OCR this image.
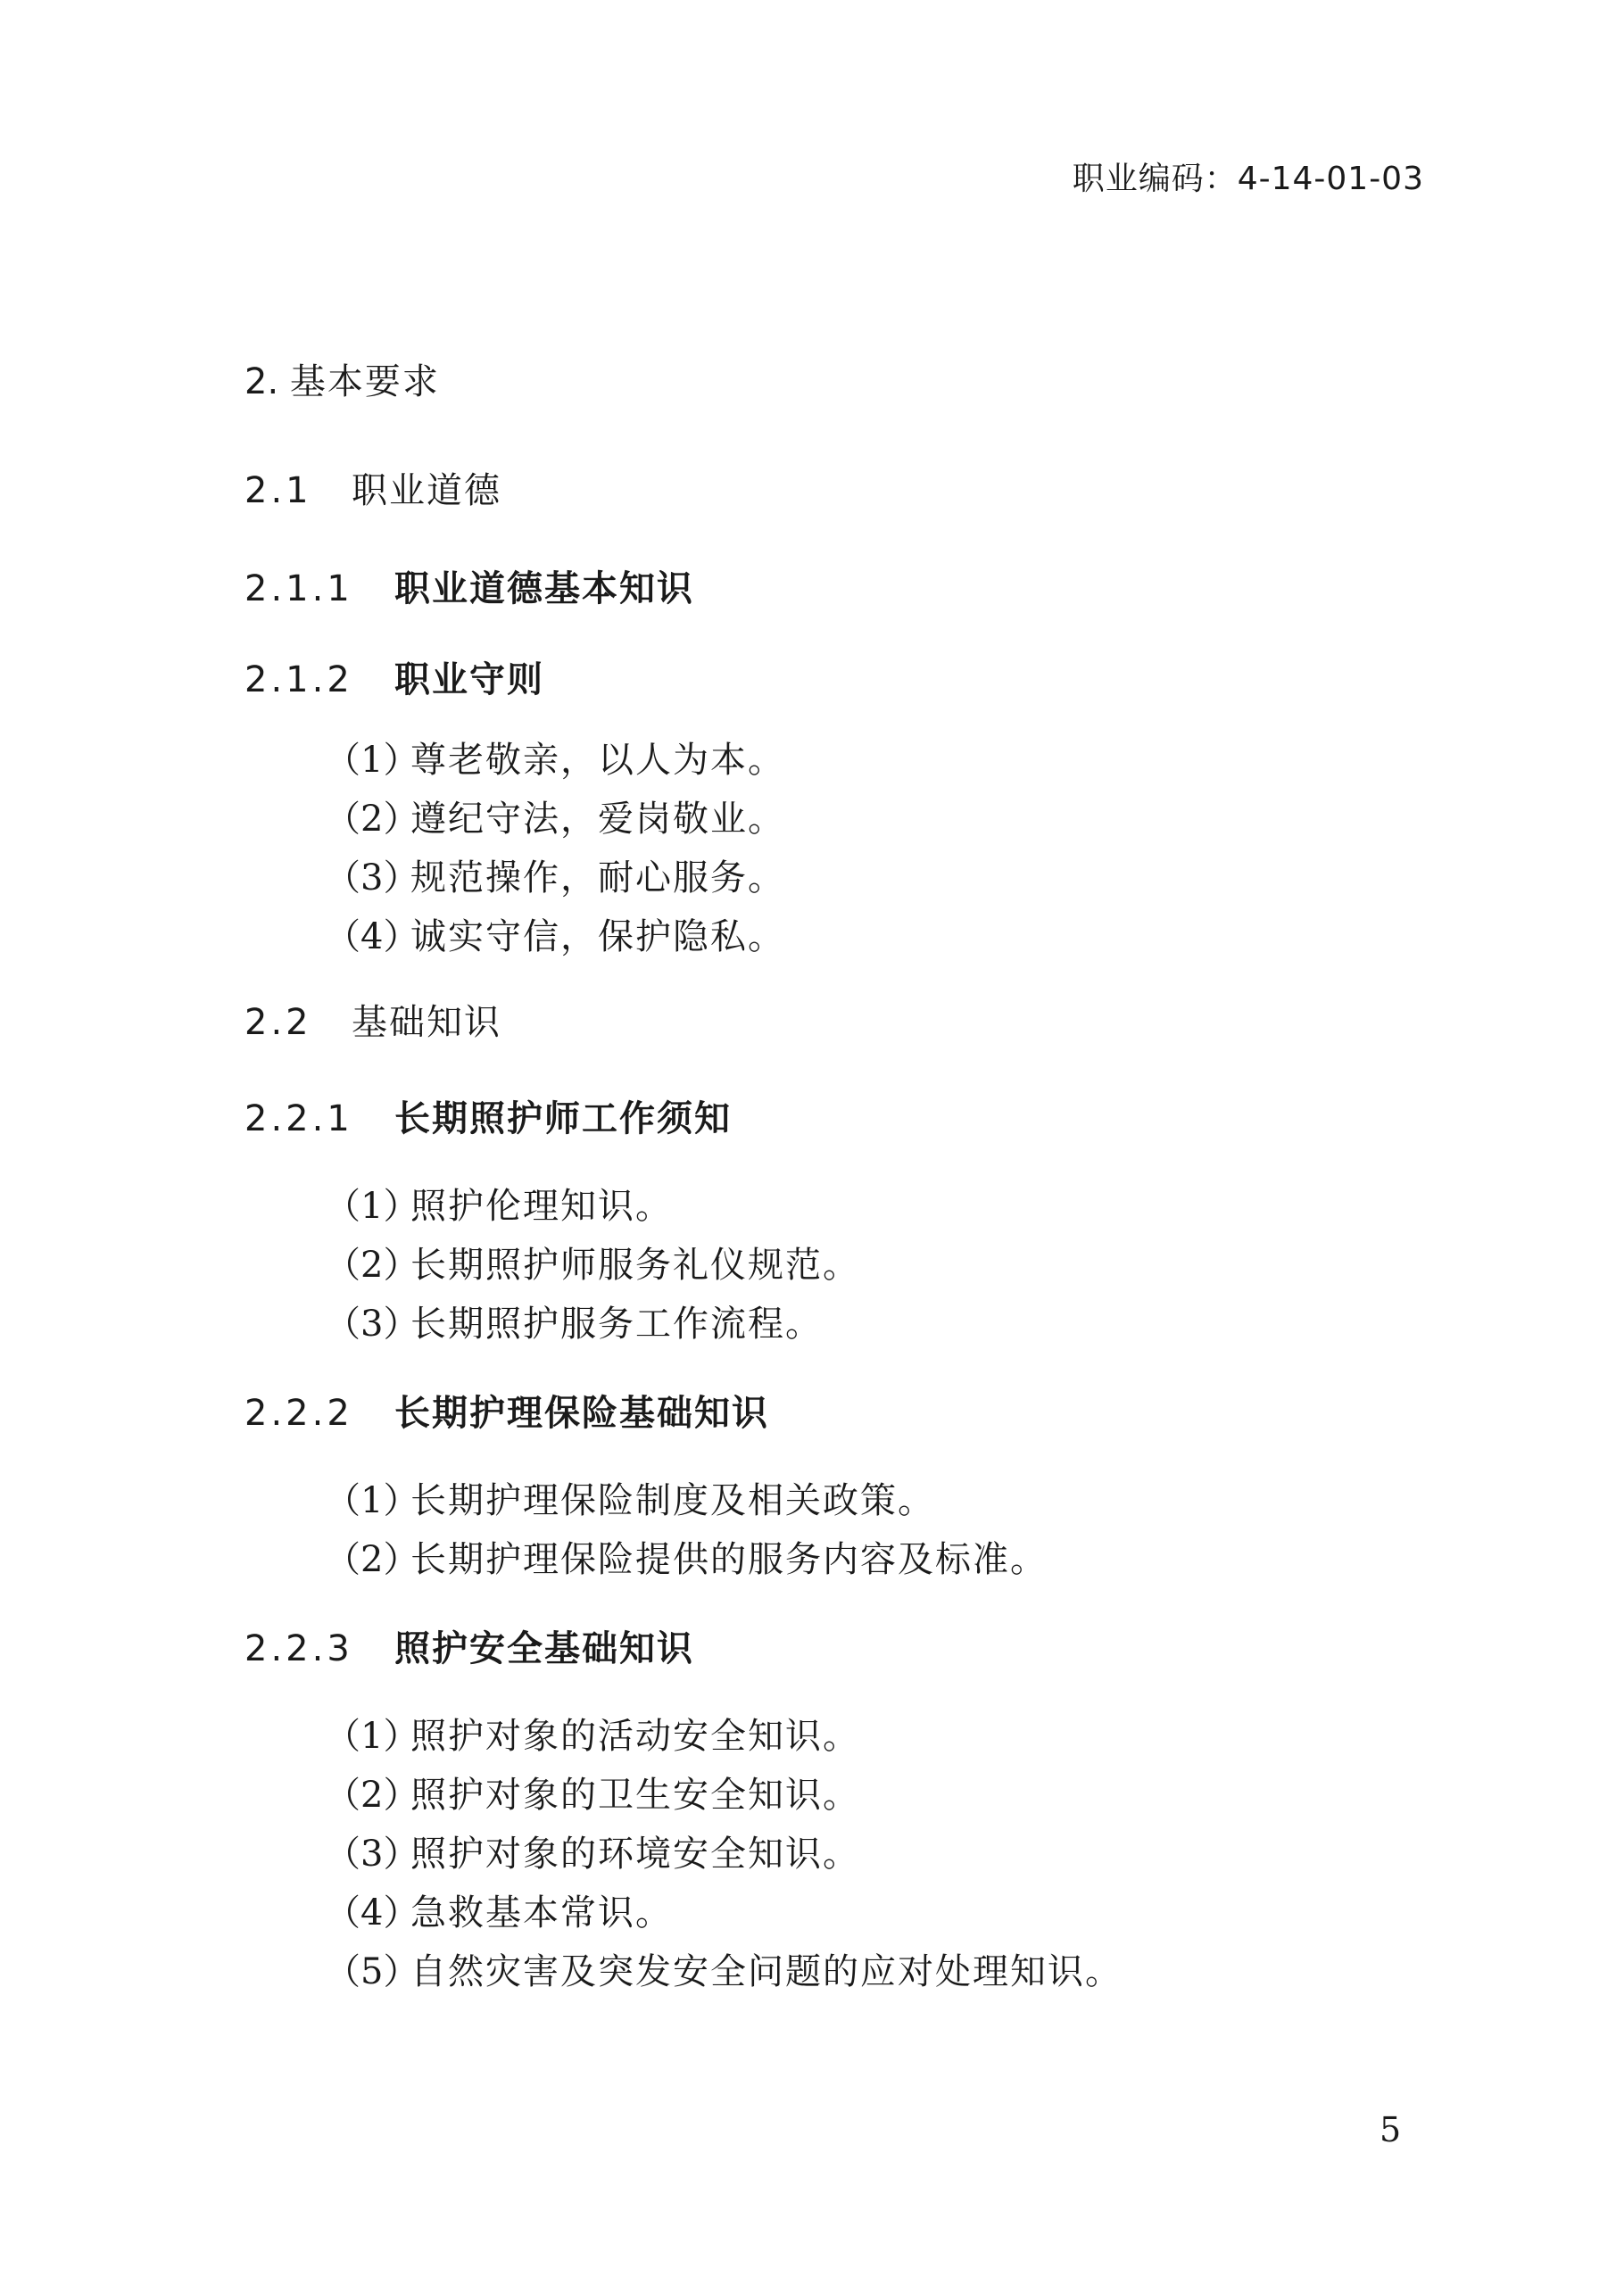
职业编码：4-14-01-03
2. 基本要求
2.1 职业道德
2.1.1 职业道德基本知识
2.1.2 职业守则
（1）尊老敬亲，以人为本。
（2）遵纪守法，爱岗敬业。
（3）规范操作，耐心服务。
（4）诚实守信，保护隐私。
2.2 基础知识
2.2.1 长期照护师工作须知
（1）照护伦理知识。
（2）长期照护师服务礼仪规范。
（3）长期照护服务工作流程。
2.2.2 长期护理保险基础知识
（1）长期护理保险制度及相关政策。
（2）长期护理保险提供的服务内容及标准。
2.2.3 照护安全基础知识
（1）照护对象的活动安全知识。
（2）照护对象的卫生安全知识。
（3）照护对象的环境安全知识。
（4）急救基本常识。
（5）自然灾害及突发安全问题的应对处理知识。
5
